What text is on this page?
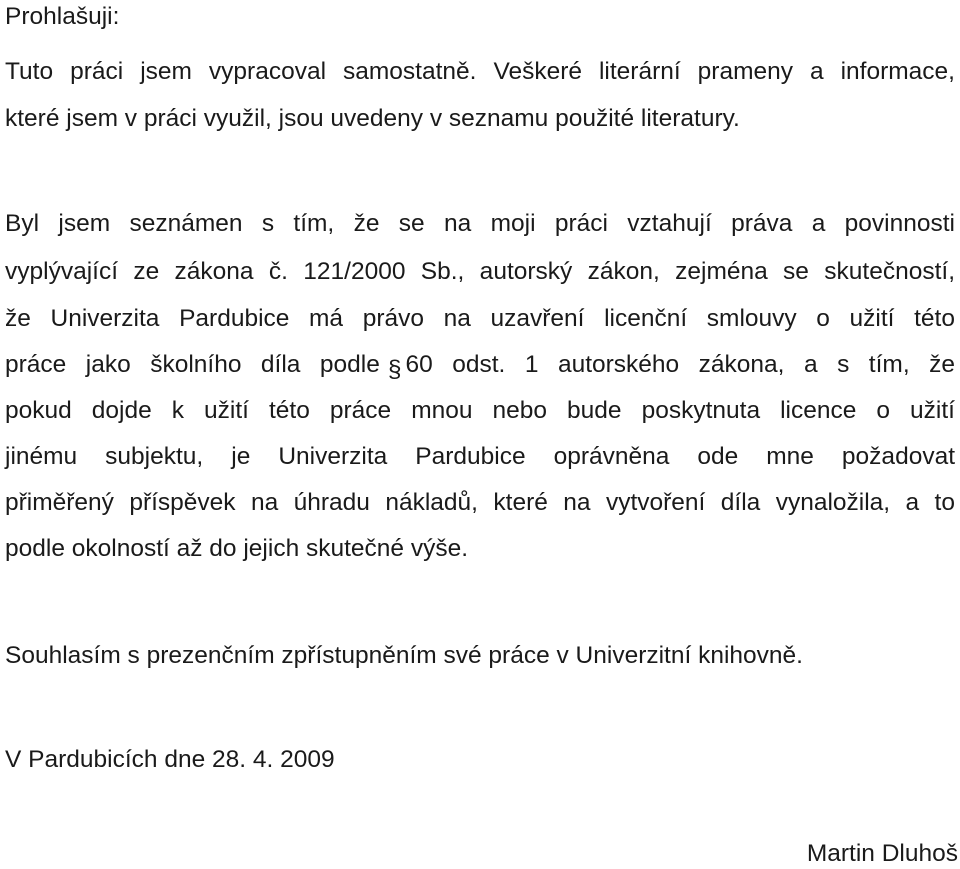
Prohlašuji:
Tuto práci jsem vypracoval samostatně. Veškeré literární prameny a informace,
které jsem v práci využil, jsou uvedeny v seznamu použité literatury.
Byl jsem seznámen s tím, že se na moji práci vztahují práva a povinnosti
vyplývající ze zákona č. 121/2000 Sb., autorský zákon, zejména se skutečností,
že Univerzita Pardubice má právo na uzavření licenční smlouvy o užití této
práce jako školního díla podle § 60 odst. 1 autorského zákona, a s tím, že
pokud dojde k užití této práce mnou nebo bude poskytnuta licence o užití
jinému subjektu, je Univerzita Pardubice oprávněna ode mne požadovat
přiměřený příspěvek na úhradu nákladů, které na vytvoření díla vynaložila, a to
podle okolností až do jejich skutečné výše.
Souhlasím s prezenčním zpřístupněním své práce v Univerzitní knihovně.
V Pardubicích dne 28. 4. 2009
Martin Dluhoš
